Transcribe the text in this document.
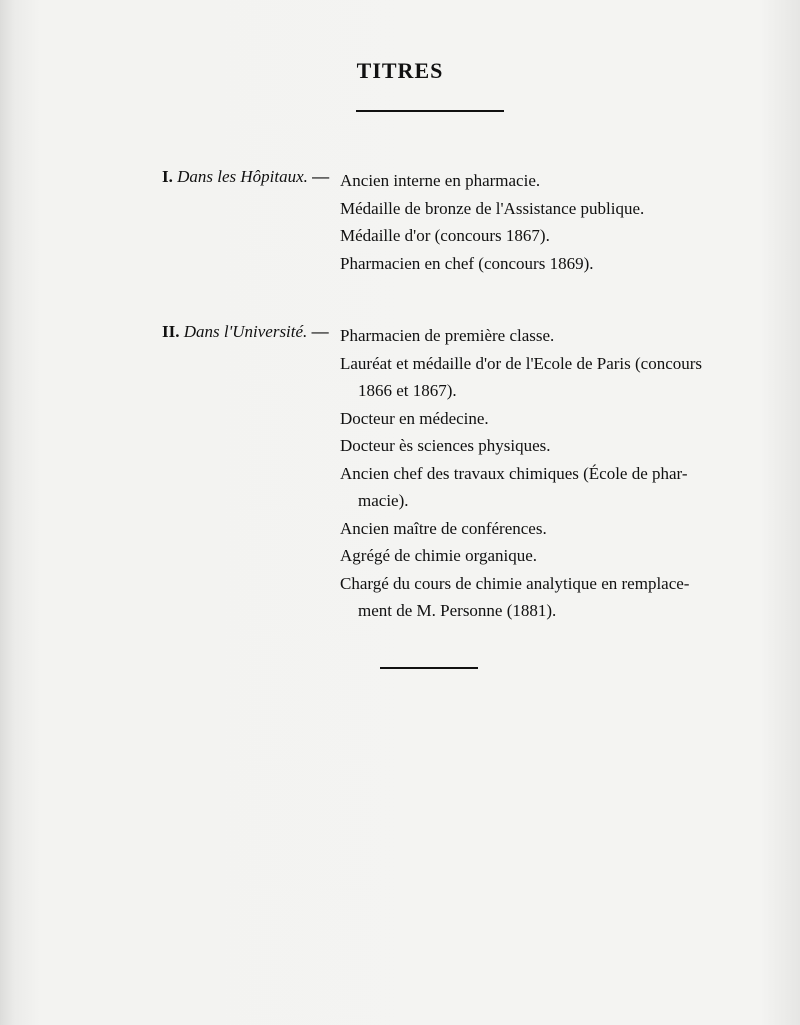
TITRES
I. Dans les Hôpitaux. — Ancien interne en pharmacie.

Médaille de bronze de l'Assistance publique.

Médaille d'or (concours 1867).

Pharmacien en chef (concours 1869).

II. Dans l'Université. — Pharmacien de première classe.

Lauréat et médaille d'or de l'Ecole de Paris (concours
1866 et 1867).

Docteur en médecine.

Docteur ès sciences physiques.

Ancien chef des travaux chimiques (École de phar-
macie).

Ancien maître de conférences.

Agrégé de chimie organique.

Chargé du cours de chimie analytique en remplace-
ment de M. Personne (1881).
